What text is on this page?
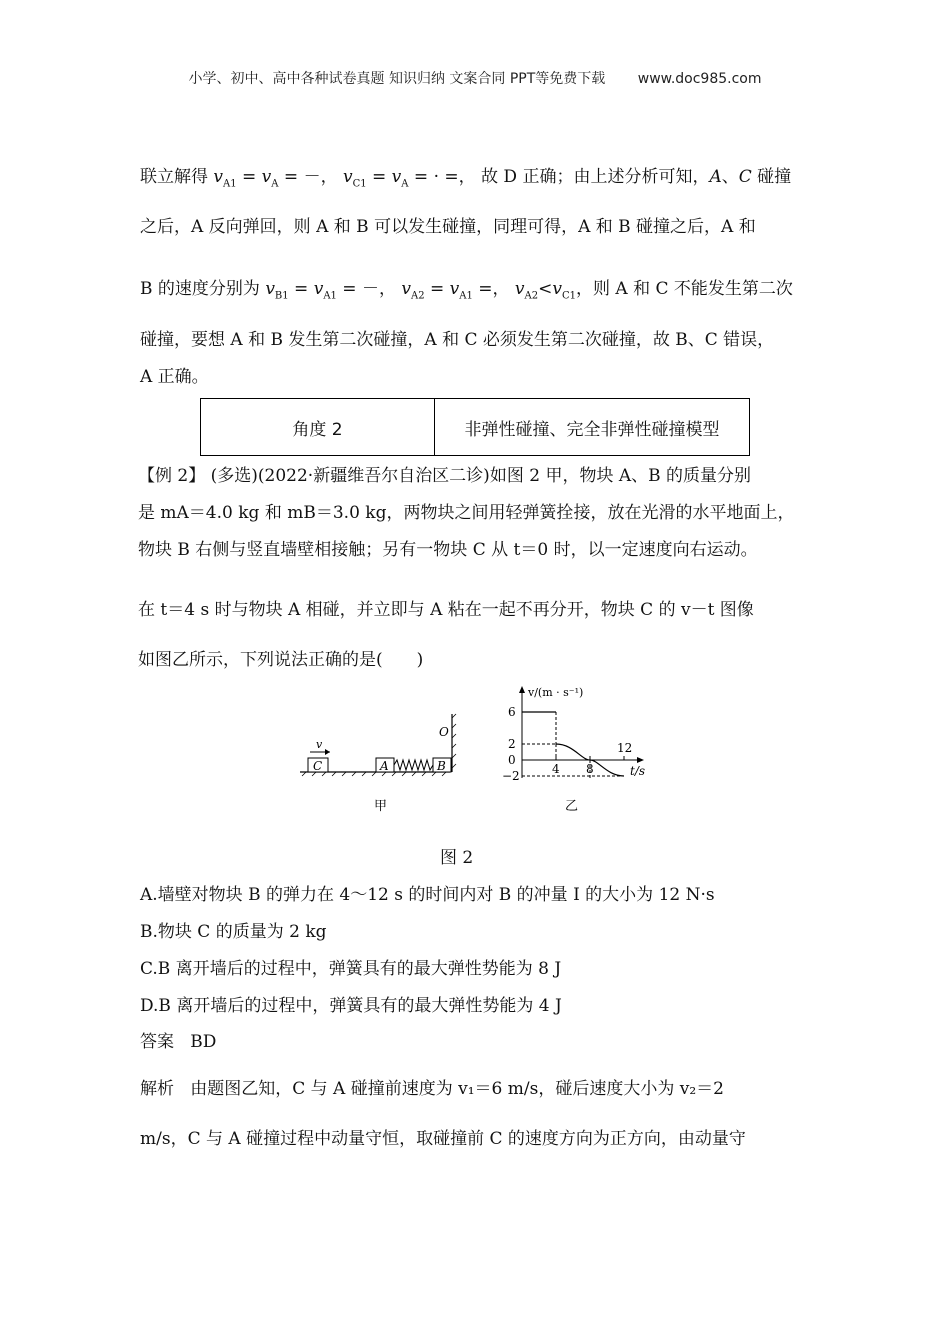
小学、初中、高中各种试卷真题 知识归纳 文案合同 PPT等免费下载 www.doc985.com
联立解得 $v_{A1} = v_A$ = －， $v_{C1} = v_A$ = · =， 故 D 正确；由上述分析可知，A、C 碰撞
之后，A 反向弹回，则 A 和 B 可以发生碰撞，同理可得，A 和 B 碰撞之后，A 和
B 的速度分别为 $v_{B1} = v_{A1}$ = －， $v_{A2} = v_{A1}$ =， $v_{A2}<v_{C1}$，则 A 和 C 不能发生第二次
碰撞，要想 A 和 B 发生第二次碰撞，A 和 C 必须发生第二次碰撞，故 B、C 错误，
A 正确。
角度 2	非弹性碰撞、完全非弹性碰撞模型
【例 2】 (多选)(2022·新疆维吾尔自治区二诊)如图 2 甲，物块 A、B 的质量分别
是 mA＝4.0 kg 和 mB＝3.0 kg，两物块之间用轻弹簧拴接，放在光滑的水平地面上，
物块 B 右侧与竖直墙壁相接触；另有一物块 C 从 t＝0 时，以一定速度向右运动。
在 t＝4 s 时与物块 A 相碰，并立即与 A 粘在一起不再分开，物块 C 的 v－t 图像
如图乙所示，下列说法正确的是(　　)
C
v
A	B
O
甲
v/(m · s⁻¹)
t/s
6
2
0
−2	4 8
12
乙
图 2
A.墙壁对物块 B 的弹力在 4～12 s 的时间内对 B 的冲量 I 的大小为 12 N·s
B.物块 C 的质量为 2 kg
C.B 离开墙后的过程中，弹簧具有的最大弹性势能为 8 J
D.B 离开墙后的过程中，弹簧具有的最大弹性势能为 4 J
答案 BD
解析 由题图乙知，C 与 A 碰撞前速度为 v₁＝6 m/s，碰后速度大小为 v₂＝2
m/s，C 与 A 碰撞过程中动量守恒，取碰撞前 C 的速度方向为正方向，由动量守
